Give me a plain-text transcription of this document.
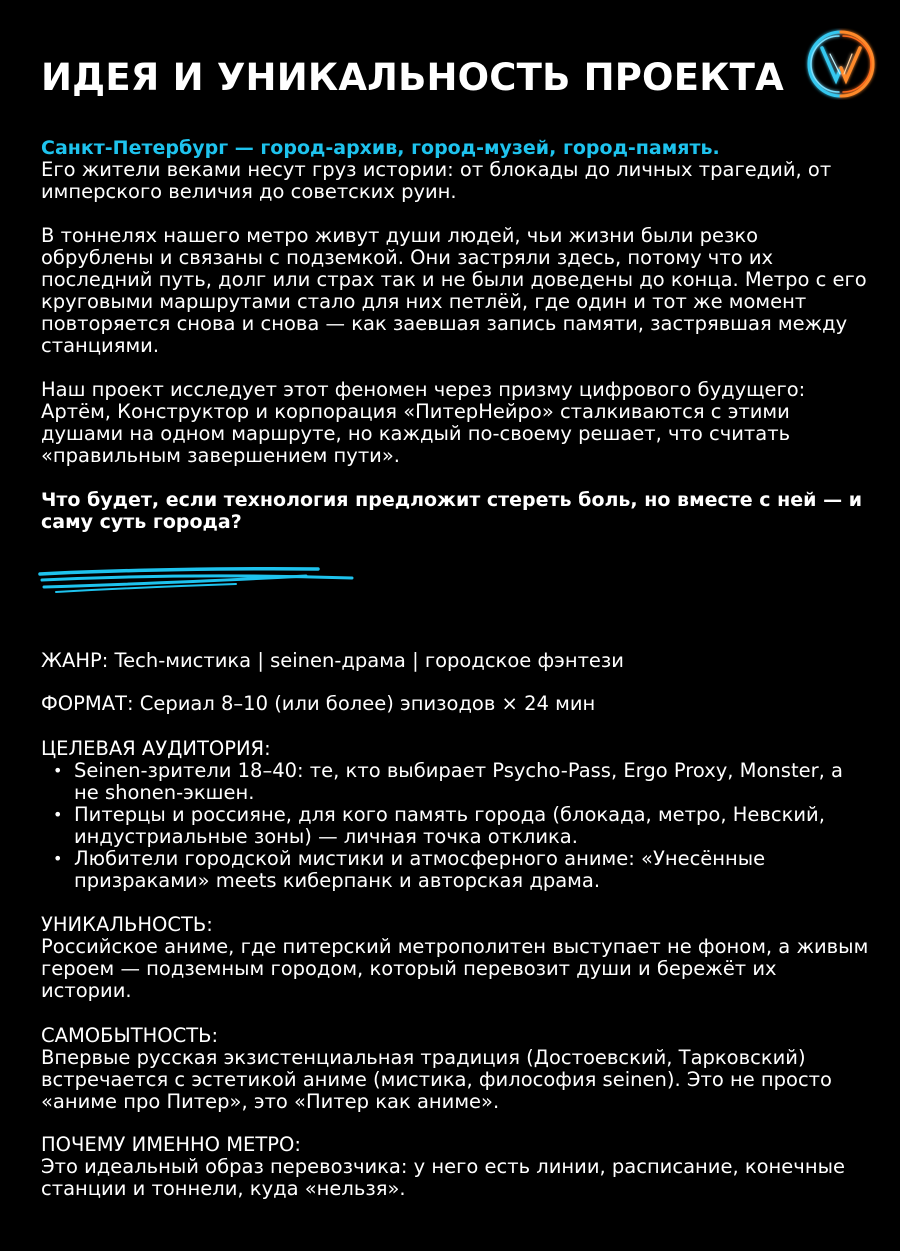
ИДЕЯ И УНИКАЛЬНОСТЬ ПРОЕКТА

Санкт-Петербург — город-архив, город-музей, город-память.

Его жители веками несут груз истории: от блокады до личных трагедий, от имперского величия до советских руин.

В тоннелях нашего метро живут души людей, чьи жизни были резко обрублены и связаны с подземкой. Они застряли здесь, потому что их последний путь, долг или страх так и не были доведены до конца. Метро с его круговыми маршрутами стало для них петлёй, где один и тот же момент повторяется снова и снова — как заевшая запись памяти, застрявшая между станциями.
Наш проект исследует этот феномен через призму цифрового будущего: Артём, Конструктор и корпорация «ПитерНейро» сталкиваются с этими душами на одном маршруте, но каждый по-своему решает, что считать «правильным завершением пути».
Что будет, если технология предложит стереть боль, но вместе с ней — и саму суть города?
ЖАНР: Tech-мистика | seinen-драма | городское фэнтези
ФОРМАТ: Сериал 8–10 (или более) эпизодов × 24 мин
ЦЕЛЕВАЯ АУДИТОРИЯ:
• Seinen-зрители 18–40: те, кто выбирает Psycho-Pass, Ergo Proxy, Monster, а не shonen-экшен.
• Питерцы и россияне, для кого память города (блокада, метро, Невский, индустриальные зоны) — личная точка отклика.
• Любители городской мистики и атмосферного аниме: «Унесённые призраками» meets киберпанк и авторская драма.
УНИКАЛЬНОСТЬ:
Российское аниме, где питерский метрополитен выступает не фоном, а живым героем — подземным городом, который перевозит души и бережёт их истории.
САМОБЫТНОСТЬ:
Впервые русская экзистенциальная традиция (Достоевский, Тарковский) встречается с эстетикой аниме (мистика, философия seinen). Это не просто «аниме про Питер», это «Питер как аниме».
ПОЧЕМУ ИМЕННО МЕТРО:
Это идеальный образ перевозчика: у него есть линии, расписание, конечные станции и тоннели, куда «нельзя».
